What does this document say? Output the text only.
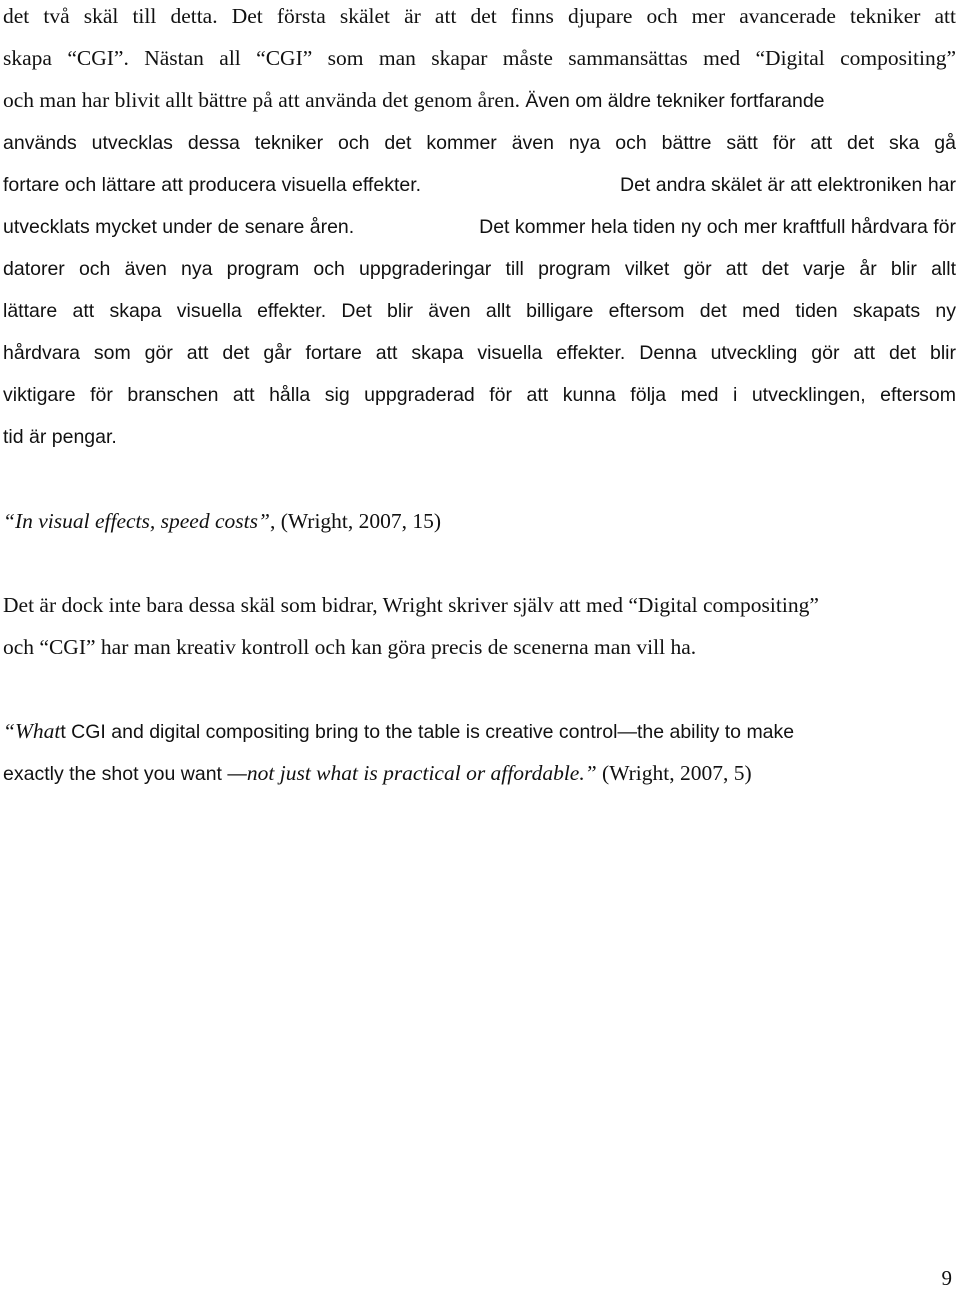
det två skäl till detta. Det första skälet är att det finns djupare och mer avancerade tekniker att
skapa “CGI”. Nästan all “CGI” som man skapar måste sammansättas med “Digital compositing”
och man har blivit allt bättre på att använda det genom åren. Även om äldre tekniker fortfarande
används utvecklas dessa tekniker och det kommer även nya och bättre sätt för att det ska gå
fortare och lättare att producera visuella effekter.	Det andra skälet är att elektroniken har
utvecklats mycket under de senare åren.	Det kommer hela tiden ny och mer kraftfull hårdvara för
datorer och även nya program och uppgraderingar till program vilket gör att det varje år blir allt
lättare att skapa visuella effekter. Det blir även allt billigare eftersom det med tiden skapats ny
hårdvara som gör att det går fortare att skapa visuella effekter. Denna utveckling gör att det blir
viktigare för branschen att hålla sig uppgraderad för att kunna följa med i utvecklingen, eftersom
tid är pengar.
“In visual effects, speed costs”, (Wright, 2007, 15)
Det är dock inte bara dessa skäl som bidrar, Wright skriver själv att med “Digital compositing”
och “CGI” har man kreativ kontroll och kan göra precis de scenerna man vill ha.
“Whatt CGI and digital compositing bring to the table is creative control—the ability to make
exactly the shot you want —not just what is practical or affordable.” (Wright, 2007, 5)
9
